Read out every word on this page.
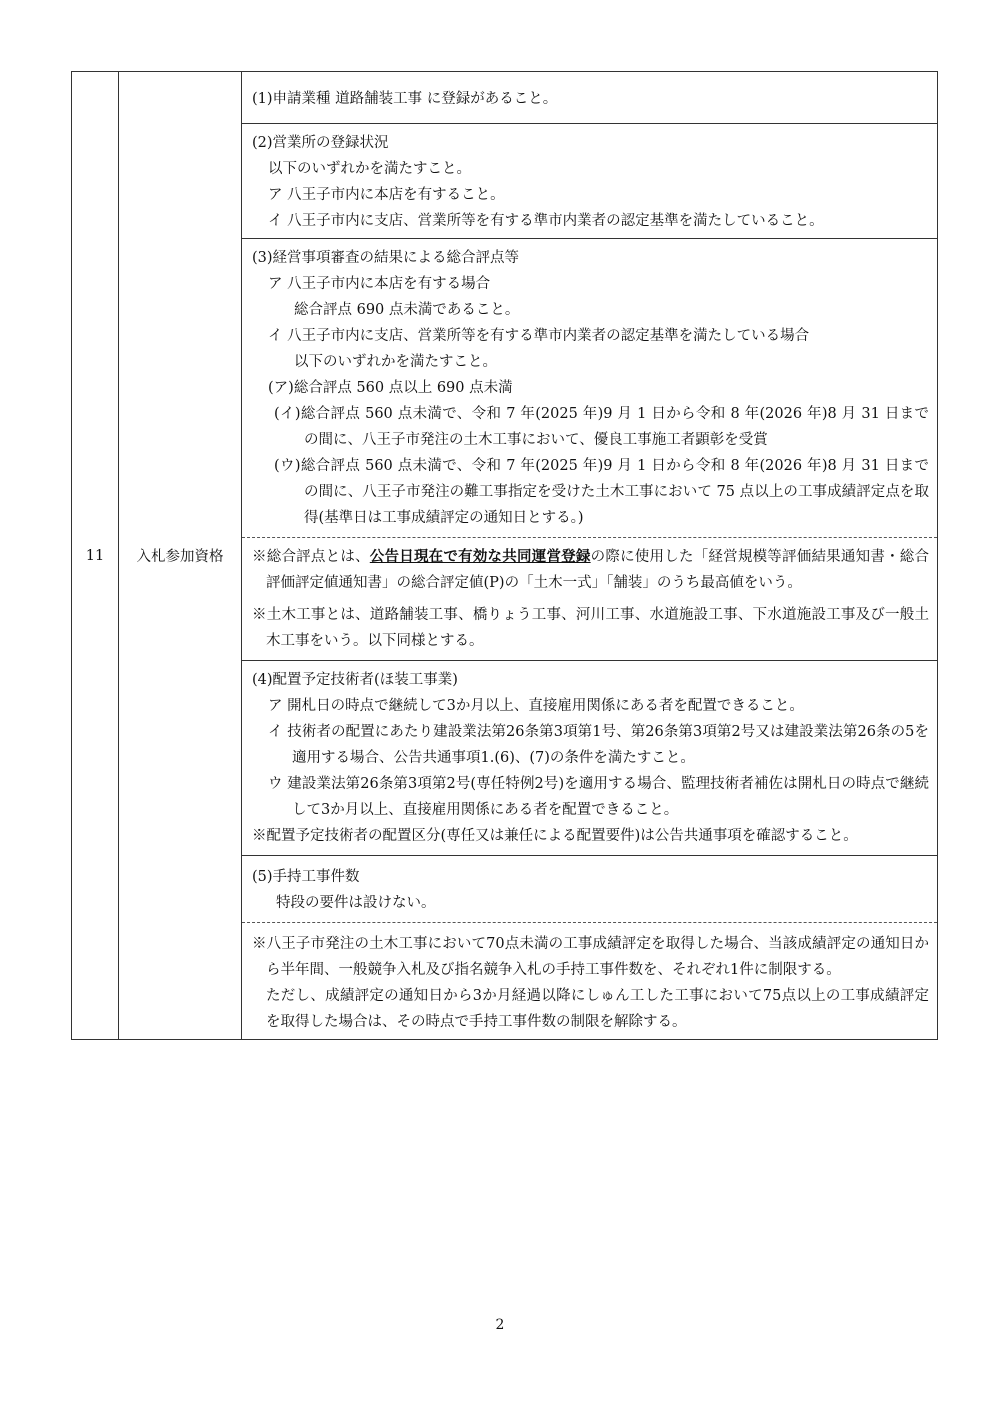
11	入札参加資格	
(1)申請業種 道路舗装工事 に登録があること。
(2)営業所の登録状況
以下のいずれかを満たすこと。
ア 八王子市内に本店を有すること。
イ 八王子市内に支店、営業所等を有する準市内業者の認定基準を満たしていること。
(3)経営事項審査の結果による総合評点等
ア 八王子市内に本店を有する場合
総合評点 690 点未満であること。
イ 八王子市内に支店、営業所等を有する準市内業者の認定基準を満たしている場合
以下のいずれかを満たすこと。
(ア)総合評点 560 点以上 690 点未満
(イ)総合評点 560 点未満で、令和 7 年(2025 年)9 月 1 日から令和 8 年(2026 年)8 月 31 日までの間に、八王子市発注の土木工事において、優良工事施工者顕彰を受賞
(ウ)総合評点 560 点未満で、令和 7 年(2025 年)9 月 1 日から令和 8 年(2026 年)8 月 31 日までの間に、八王子市発注の難工事指定を受けた土木工事において 75 点以上の工事成績評定点を取得(基準日は工事成績評定の通知日とする。)
※総合評点とは、公告日現在で有効な共同運営登録の際に使用した「経営規模等評価結果通知書・総合評価評定値通知書」の総合評定値(P)の「土木一式」「舗装」のうち最高値をいう。
※土木工事とは、道路舗装工事、橋りょう工事、河川工事、水道施設工事、下水道施設工事及び一般土木工事をいう。以下同様とする。
(4)配置予定技術者(ほ装工事業)
ア 開札日の時点で継続して3か月以上、直接雇用関係にある者を配置できること。
イ 技術者の配置にあたり建設業法第26条第3項第1号、第26条第3項第2号又は建設業法第26条の5を適用する場合、公告共通事項1.(6)、(7)の条件を満たすこと。
ウ 建設業法第26条第3項第2号(専任特例2号)を適用する場合、監理技術者補佐は開札日の時点で継続して3か月以上、直接雇用関係にある者を配置できること。
※配置予定技術者の配置区分(専任又は兼任による配置要件)は公告共通事項を確認すること。
(5)手持工事件数
特段の要件は設けない。
※八王子市発注の土木工事において70点未満の工事成績評定を取得した場合、当該成績評定の通知日から半年間、一般競争入札及び指名競争入札の手持工事件数を、それぞれ1件に制限する。
ただし、成績評定の通知日から3か月経過以降にしゅん工した工事において75点以上の工事成績評定を取得した場合は、その時点で手持工事件数の制限を解除する。
2
